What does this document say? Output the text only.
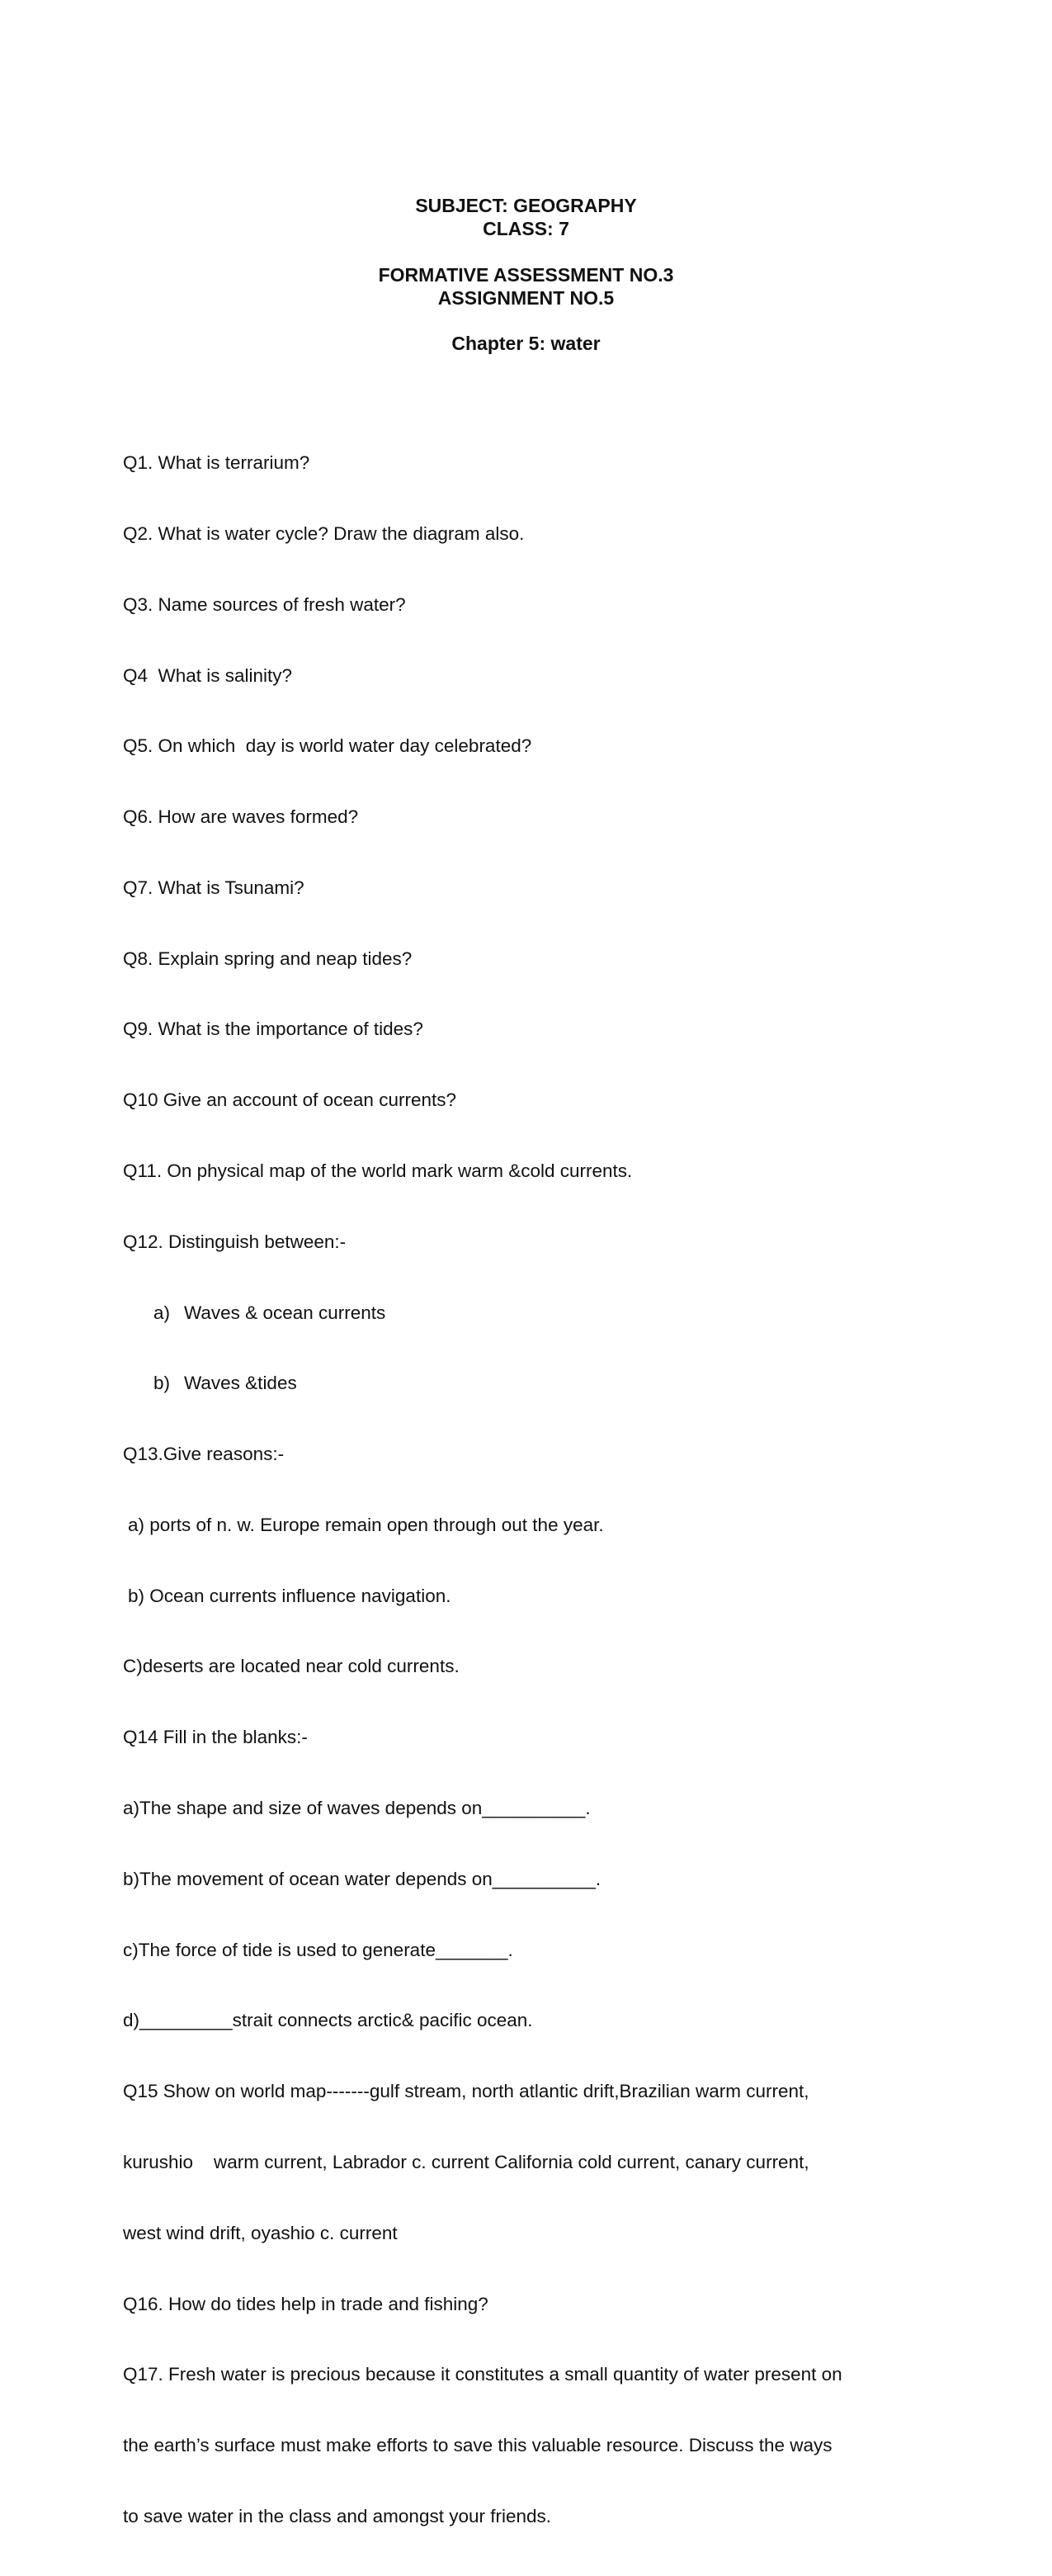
SUBJECT: GEOGRAPHY
CLASS: 7
FORMATIVE ASSESSMENT NO.3
ASSIGNMENT NO.5
Chapter 5: water

Q1. What is terrarium?

Q2. What is water cycle? Draw the diagram also.

Q3. Name sources of fresh water?

Q4  What is salinity?

Q5. On which  day is world water day celebrated?

Q6. How are waves formed?

Q7. What is Tsunami?

Q8. Explain spring and neap tides?

Q9. What is the importance of tides?

Q10 Give an account of ocean currents?

Q11. On physical map of the world mark warm &cold currents.

Q12. Distinguish between:-

a) Waves & ocean currents

b) Waves &tides

Q13.Give reasons:-

a) ports of n. w. Europe remain open through out the year.

b) Ocean currents influence navigation.

C)deserts are located near cold currents.

Q14 Fill in the blanks:-

a)The shape and size of waves depends on__________.

b)The movement of ocean water depends on__________.

c)The force of tide is used to generate_______.

d)_________strait connects arctic& pacific ocean.

Q15 Show on world map-------gulf stream, north atlantic drift,Brazilian warm current,

kurushio    warm current, Labrador c. current California cold current, canary current,

west wind drift, oyashio c. current

Q16. How do tides help in trade and fishing?

Q17. Fresh water is precious because it constitutes a small quantity of water present on

the earth’s surface must make efforts to save this valuable resource. Discuss the ways

to save water in the class and amongst your friends.
